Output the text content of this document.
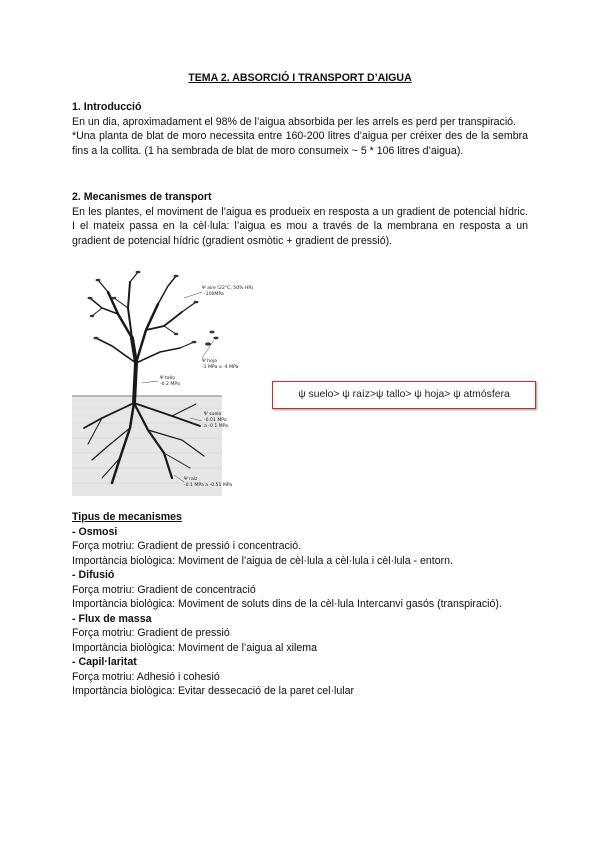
TEMA 2. ABSORCIÓ I TRANSPORT D’AIGUA

1. Introducció

En un dia, aproximadament el 98% de l’aigua absorbida per les arrels es perd per transpiració.

*Una planta de blat de moro necessita entre 160-200 litres d’aigua per créixer des de la sembra fins a la collita. (1 ha sembrada de blat de moro consumeix ~ 5 * 106 litres d’aigua).

2. Mecanismes de transport

En les plantes, el moviment de l’aigua es produeix en resposta a un gradient de potencial hídric. I el mateix passa en la cèl·lula: l’aigua es mou a través de la membrana en resposta a un gradient de potencial hídric (gradient osmòtic + gradient de pressió).

Ψ aire (22°C, 50% HR)
-100MPa
Ψ hoja
-1 MPa a -4 MPa
Ψ tallo
-0.2 MPa
Ψ suelo
-0.01 MPa
a -0.1 MPa
Ψ raíz
-0.1 MPa a -0.51 MPa
ψ suelo> ψ raíz>ψ tallo> ψ hoja> ψ atmósfera

Tipus de mecanismes

- Osmosi

Força motriu: Gradient de pressió i concentració.

Importància biològica: Moviment de l’aigua de cèl·lula a cèl·lula i cèl·lula - entorn.

- Difusió

Força motriu: Gradient de concentració

Importància biològica: Moviment de soluts dins de la cèl·lula Intercanvi gasós (transpiració).

- Flux de massa

Força motriu: Gradient de pressió

Importància biològica: Moviment de l’aigua al xilema

- Capil·laritat

Força motriu: Adhesió i cohesió

Importància biològica: Evitar dessecació de la paret cel·lular
